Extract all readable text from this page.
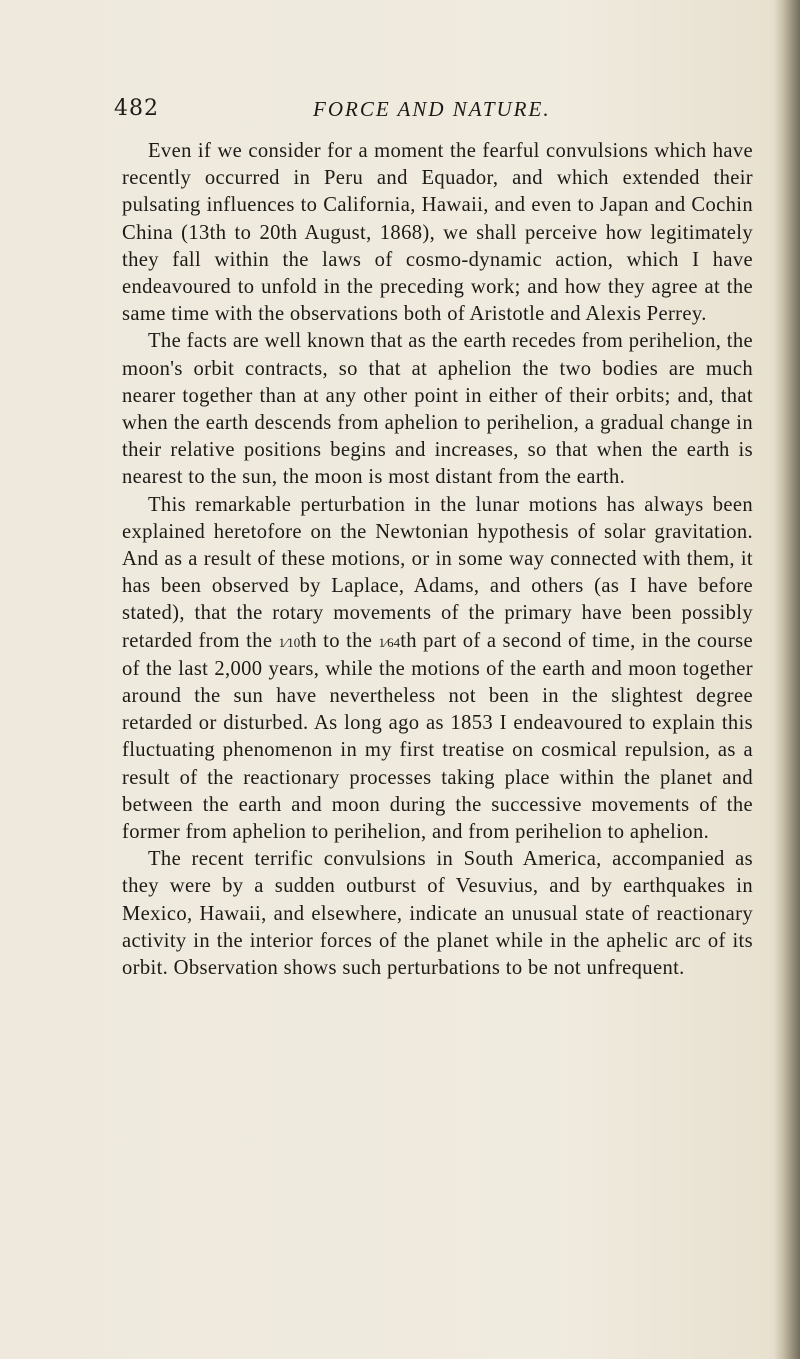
482	FORCE AND NATURE.

Even if we consider for a moment the fearful convulsions which have recently occurred in Peru and Equador, and which extended their pulsating influences to California, Hawaii, and even to Japan and Cochin China (13th to 20th August, 1868), we shall perceive how legitimately they fall within the laws of cosmo-dynamic action, which I have endeavoured to unfold in the preceding work; and how they agree at the same time with the observations both of Aristotle and Alexis Perrey.

The facts are well known that as the earth recedes from perihelion, the moon's orbit contracts, so that at aphelion the two bodies are much nearer together than at any other point in either of their orbits; and, that when the earth descends from aphelion to perihelion, a gradual change in their relative positions begins and increases, so that when the earth is nearest to the sun, the moon is most distant from the earth.

This remarkable perturbation in the lunar motions has always been explained heretofore on the Newtonian hypothesis of solar gravitation. And as a result of these motions, or in some way connected with them, it has been observed by Laplace, Adams, and others (as I have before stated), that the rotary movements of the primary have been possibly retarded from the 1⁄10th to the 1⁄64th part of a second of time, in the course of the last 2,000 years, while the motions of the earth and moon together around the sun have nevertheless not been in the slightest degree retarded or disturbed. As long ago as 1853 I endeavoured to explain this fluctuating phenomenon in my first treatise on cosmical repulsion, as a result of the reactionary processes taking place within the planet and between the earth and moon during the successive movements of the former from aphelion to perihelion, and from perihelion to aphelion.

The recent terrific convulsions in South America, accompanied as they were by a sudden outburst of Vesuvius, and by earthquakes in Mexico, Hawaii, and elsewhere, indicate an unusual state of reactionary activity in the interior forces of the planet while in the aphelic arc of its orbit. Observation shows such perturbations to be not unfrequent.
